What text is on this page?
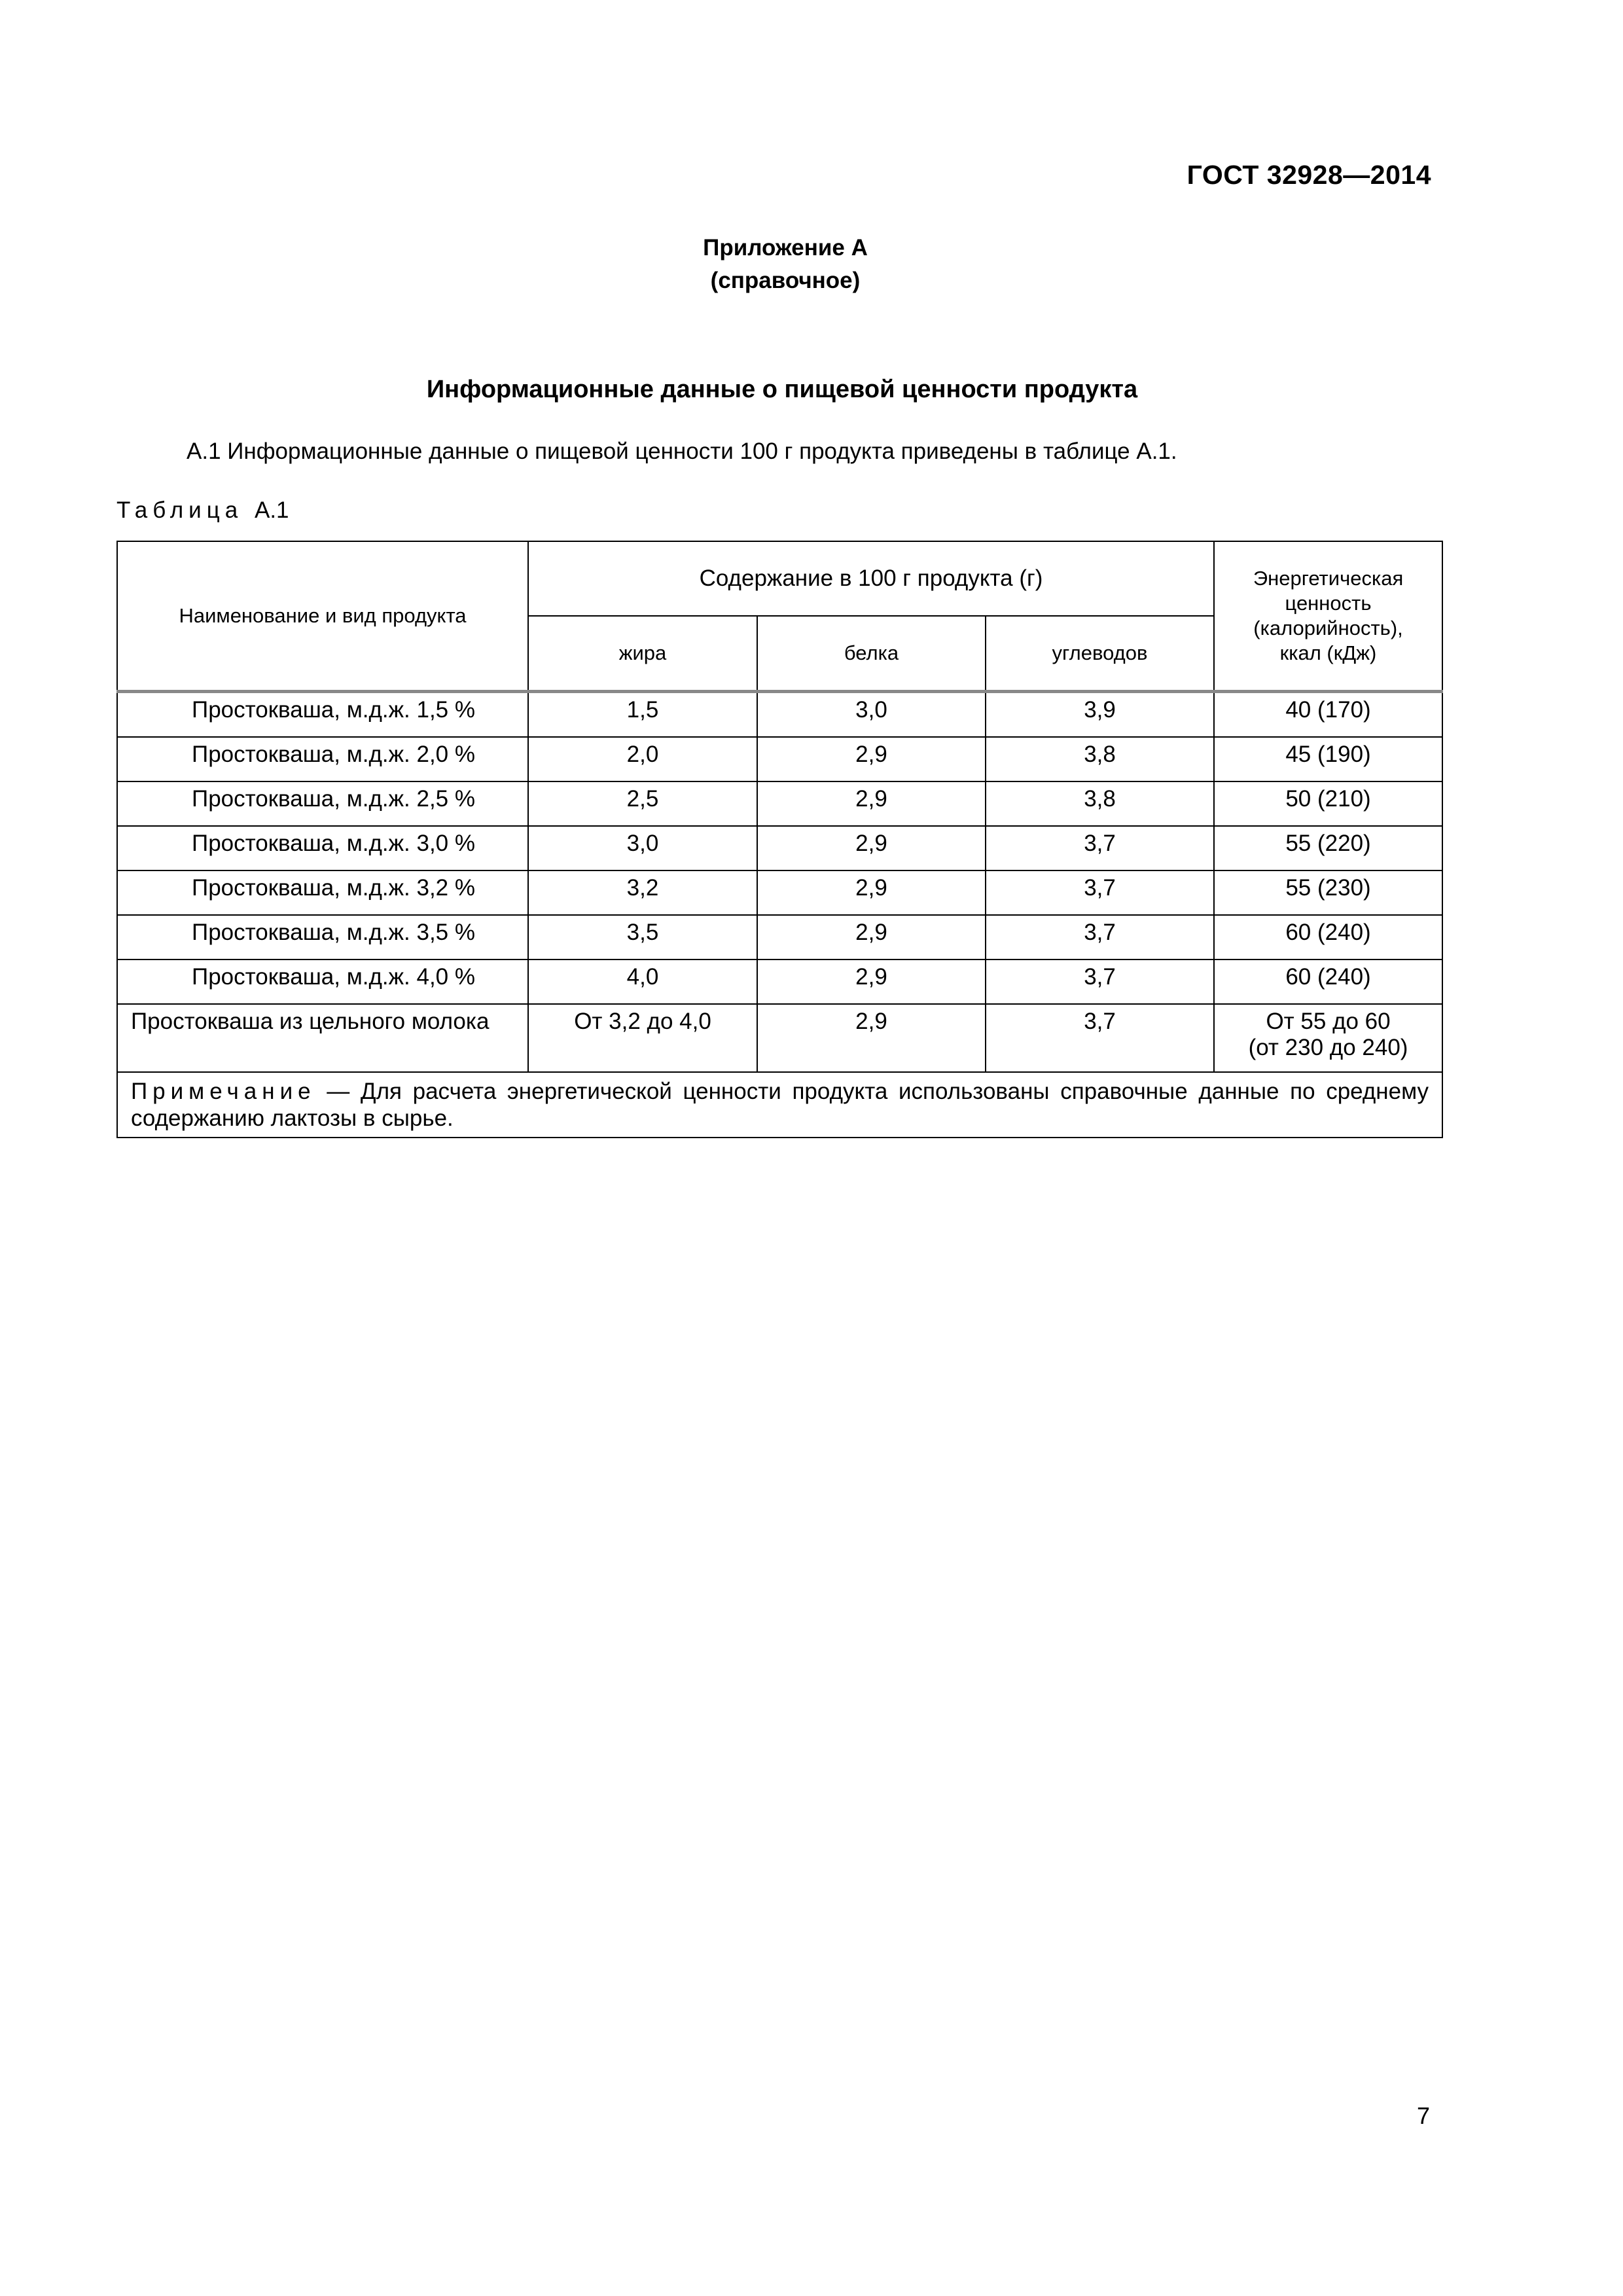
ГОСТ 32928—2014
Приложение А
(справочное)
Информационные данные о пищевой ценности продукта
А.1 Информационные данные о пищевой ценности 100 г продукта приведены в таблице А.1.
Таблица А.1
Наименование и вид продукта	Содержание в 100 г продукта (г)			Энергетическая
ценность
(калорийность),
ккал (кДж)

	жира	белка	углеводов	
Простокваша, м.д.ж. 1,5 %	1,5	3,0	3,9	40 (170)
Простокваша, м.д.ж. 2,0 %	2,0	2,9	3,8	45 (190)
Простокваша, м.д.ж. 2,5 %	2,5	2,9	3,8	50 (210)
Простокваша, м.д.ж. 3,0 %	3,0	2,9	3,7	55 (220)
Простокваша, м.д.ж. 3,2 %	3,2	2,9	3,7	55 (230)
Простокваша, м.д.ж. 3,5 %	3,5	2,9	3,7	60 (240)
Простокваша, м.д.ж. 4,0 %	4,0	2,9	3,7	60 (240)
Простокваша из цельного молока	От 3,2 до 4,0	2,9	3,7	От 55 до 60
(от 230 до 240)

Примечание — Для расчета энергетической ценности продукта использованы справочные данные по среднему содержанию лактозы в сырье.				
7
